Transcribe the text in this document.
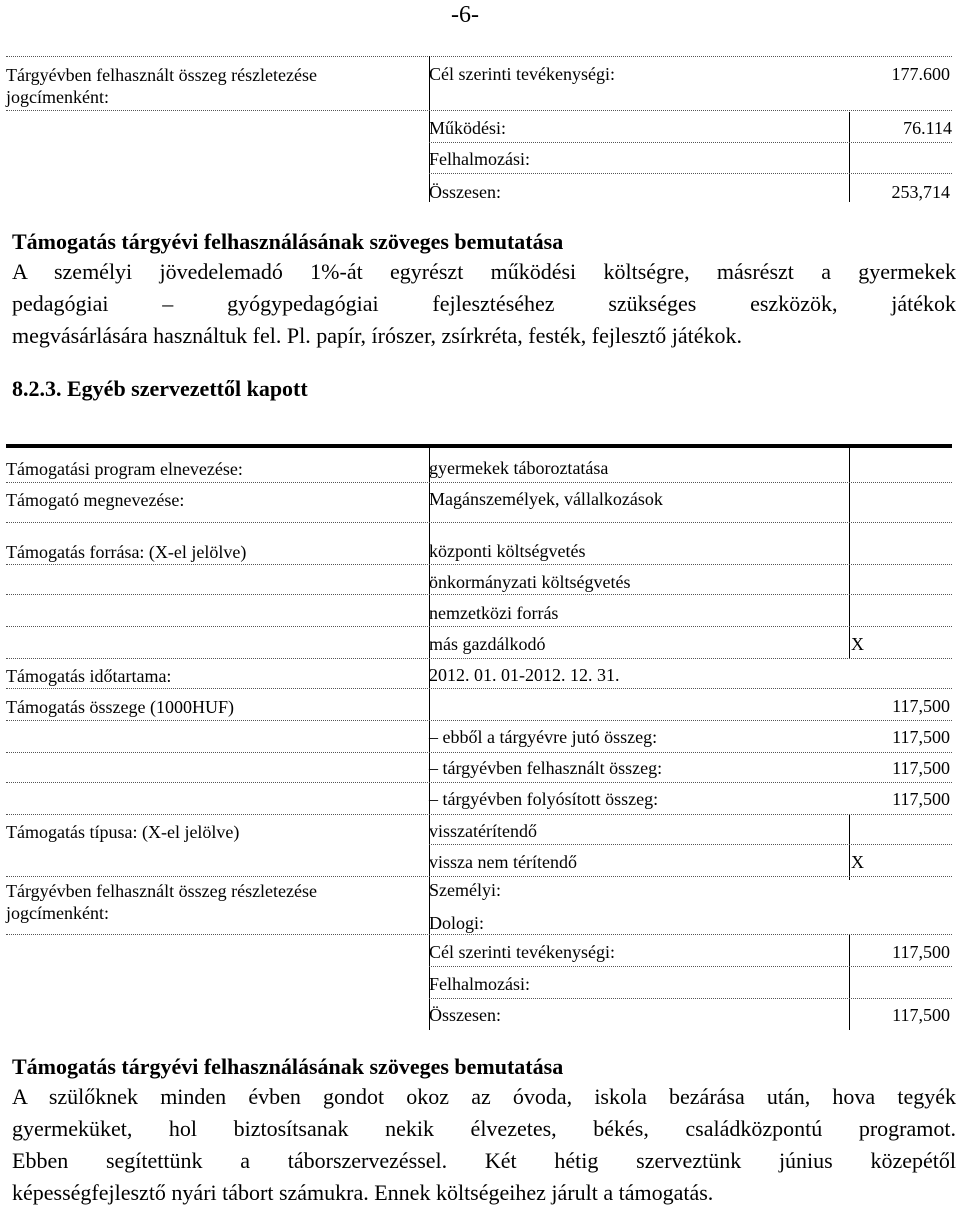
-6-
Tárgyévben felhasznált összeg részletezése jogcímenként:
Cél szerinti tevékenységi:	177.600
Működési:	76.114
Felhalmozási:
Összesen:	253,714
Támogatás tárgyévi felhasználásának szöveges bemutatása
A személyi jövedelemadó 1%-át egyrészt működési költségre, másrészt a gyermekek
pedagógiai – gyógypedagógiai fejlesztéséhez szükséges eszközök, játékok
megvásárlására használtuk fel. Pl. papír, írószer, zsírkréta, festék, fejlesztő játékok.
8.2.3. Egyéb szervezettől kapott
Támogatási program elnevezése:	gyermekek táboroztatása
Támogató megnevezése:	Magánszemélyek, vállalkozások
Támogatás forrása: (X-el jelölve)	központi költségvetés
önkormányzati költségvetés
nemzetközi forrás
más gazdálkodó	X
Támogatás időtartama:	2012. 01. 01-2012. 12. 31.
Támogatás összege (1000HUF)	117,500
– ebből a tárgyévre jutó összeg:	117,500
– tárgyévben felhasznált összeg:	117,500
– tárgyévben folyósított összeg:	117,500
Támogatás típusa: (X-el jelölve)	visszatérítendő
vissza nem térítendő	X
Tárgyévben felhasznált összeg részletezése jogcímenként:
Személyi:
Dologi:
Cél szerinti tevékenységi:	117,500
Felhalmozási:
Összesen:	117,500
Támogatás tárgyévi felhasználásának szöveges bemutatása
A szülőknek minden évben gondot okoz az óvoda, iskola bezárása után, hova tegyék
gyermeküket, hol biztosítsanak nekik élvezetes, békés, családközpontú programot.
Ebben segítettünk a táborszervezéssel. Két hétig szerveztünk június közepétől
képességfejlesztő nyári tábort számukra. Ennek költségeihez járult a támogatás.
